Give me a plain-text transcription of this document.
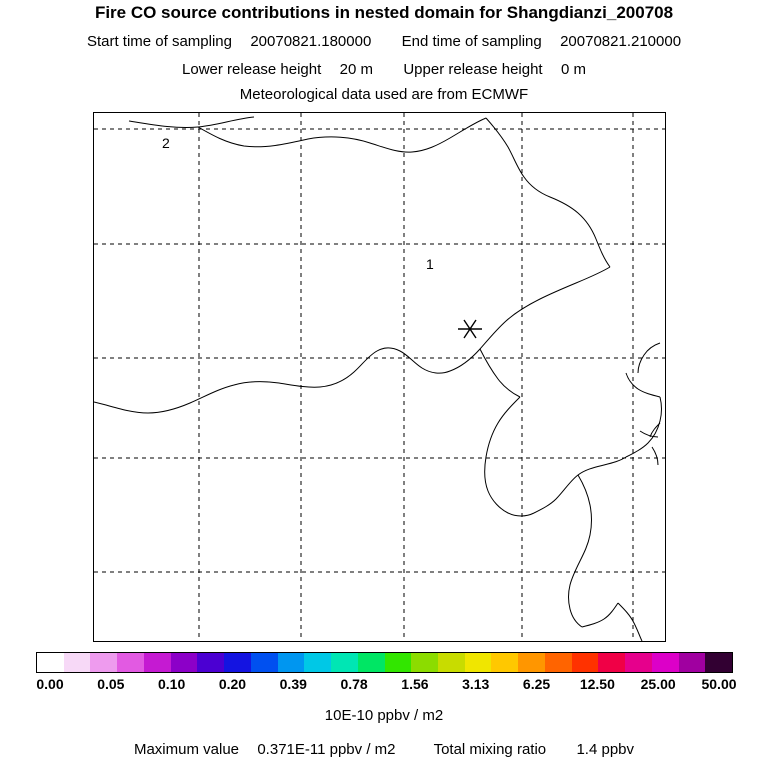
Fire CO source contributions in nested domain for Shangdianzi_200708
Start time of sampling 20070821.180000 End time of sampling 20070821.210000
Lower release height 20 m Upper release height 0 m
Meteorological data used are from ECMWF
1
2
0.00 0.05 0.10 0.20 0.39 0.78 1.56 3.13 6.25 12.50 25.00 50.00
10E-10 ppbv / m2
Maximum value 0.371E-11 ppbv / m2	Total mixing ratio 1.4 ppbv
